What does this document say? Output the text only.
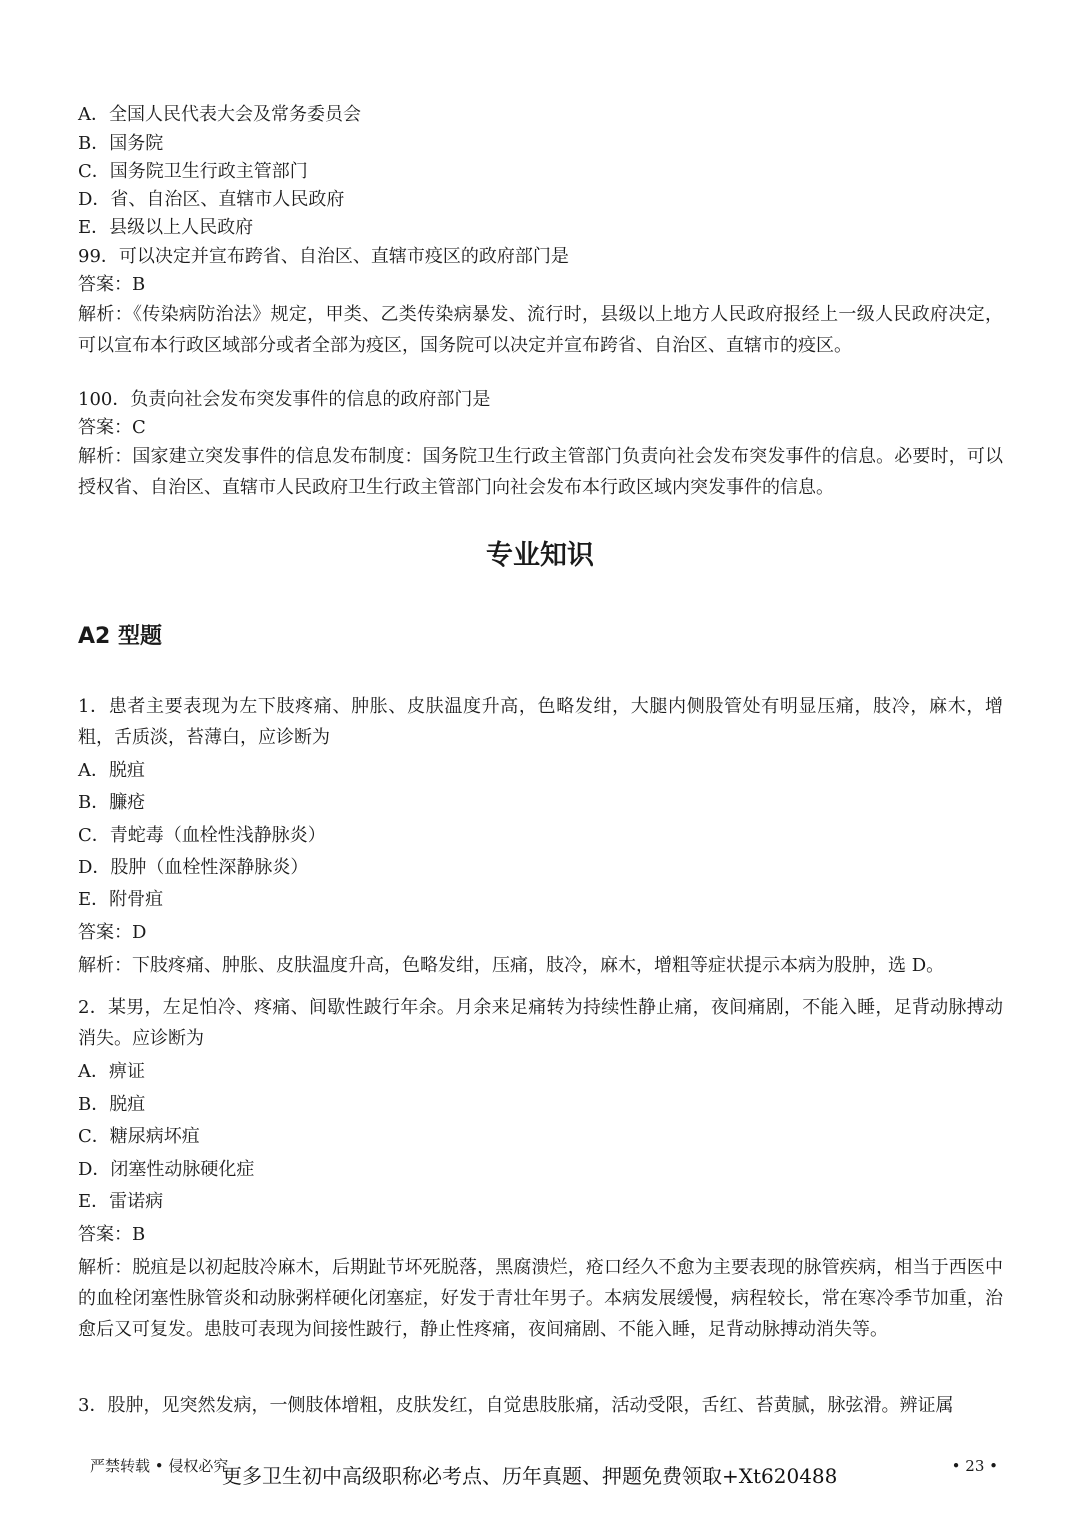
A．全国人民代表大会及常务委员会
B．国务院
C．国务院卫生行政主管部门
D．省、自治区、直辖市人民政府
E．县级以上人民政府
99．可以决定并宣布跨省、自治区、直辖市疫区的政府部门是
答案：B
解析：《传染病防治法》规定，甲类、乙类传染病暴发、流行时，县级以上地方人民政府报经上一级人民政府决定，可以宣布本行政区域部分或者全部为疫区，国务院可以决定并宣布跨省、自治区、直辖市的疫区。
100．负责向社会发布突发事件的信息的政府部门是
答案：C
解析：国家建立突发事件的信息发布制度：国务院卫生行政主管部门负责向社会发布突发事件的信息。必要时，可以授权省、自治区、直辖市人民政府卫生行政主管部门向社会发布本行政区域内突发事件的信息。
专业知识
A2 型题
1．患者主要表现为左下肢疼痛、肿胀、皮肤温度升高，色略发绀，大腿内侧股管处有明显压痛，肢冷，麻木，增粗，舌质淡，苔薄白，应诊断为
A．脱疽
B．臁疮
C．青蛇毒（血栓性浅静脉炎）
D．股肿（血栓性深静脉炎）
E．附骨疽
答案：D
解析：下肢疼痛、肿胀、皮肤温度升高，色略发绀，压痛，肢冷，麻木，增粗等症状提示本病为股肿，选 D。
2．某男，左足怕冷、疼痛、间歇性跛行年余。月余来足痛转为持续性静止痛，夜间痛剧，不能入睡，足背动脉搏动消失。应诊断为
A．痹证
B．脱疽
C．糖尿病坏疽
D．闭塞性动脉硬化症
E．雷诺病
答案：B
解析：脱疽是以初起肢冷麻木，后期趾节坏死脱落，黑腐溃烂，疮口经久不愈为主要表现的脉管疾病，相当于西医中的血栓闭塞性脉管炎和动脉粥样硬化闭塞症，好发于青壮年男子。本病发展缓慢，病程较长，常在寒冷季节加重，治愈后又可复发。患肢可表现为间接性跛行，静止性疼痛，夜间痛剧、不能入睡，足背动脉搏动消失等。
3．股肿，见突然发病，一侧肢体增粗，皮肤发红，自觉患肢胀痛，活动受限，舌红、苔黄腻，脉弦滑。辨证属
严禁转载 • 侵权必究
更多卫生初中高级职称必考点、历年真题、押题免费领取+Xt620488	• 23 •
